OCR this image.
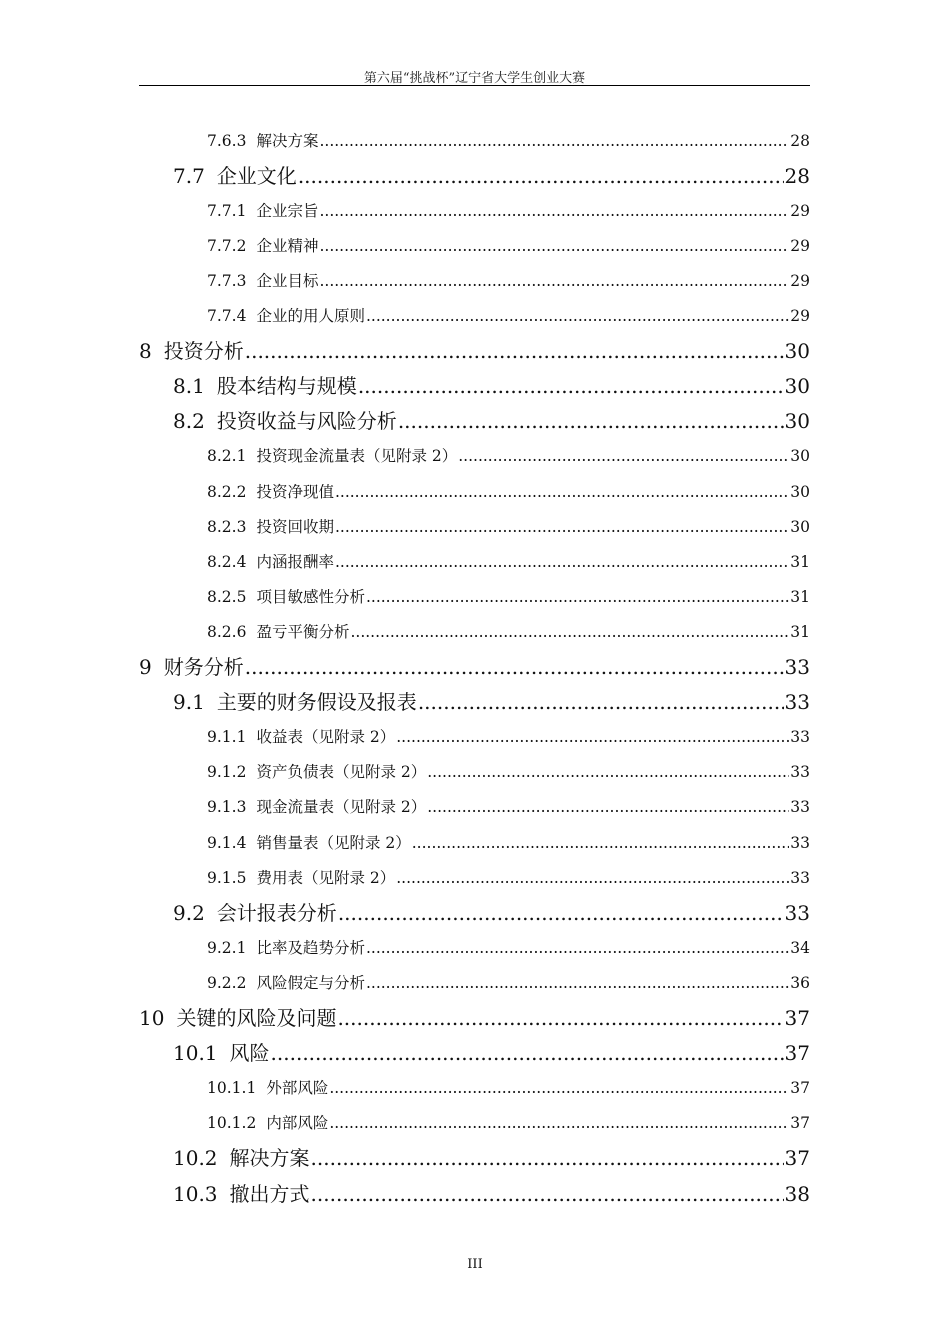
第六届“挑战杯”辽宁省大学生创业大赛
7.6.3 解决方案 .....	28
7.7 企业文化 .....	28
7.7.1 企业宗旨 .....	29
7.7.2 企业精神 .....	29
7.7.3 企业目标 .....	29
7.7.4 企业的用人原则 .....	29
8 投资分析 .....	30
8.1 股本结构与规模 .....	30
8.2 投资收益与风险分析 .....	30
8.2.1 投资现金流量表（见附录 2） .....	30
8.2.2 投资净现值 .....	30
8.2.3 投资回收期 .....	30
8.2.4 内涵报酬率 .....	31
8.2.5 项目敏感性分析 .....	31
8.2.6 盈亏平衡分析 .....	31
9 财务分析 .....	33
9.1 主要的财务假设及报表 .....	33
9.1.1 收益表（见附录 2） .....	33
9.1.2 资产负债表（见附录 2） .....	33
9.1.3 现金流量表（见附录 2） .....	33
9.1.4 销售量表（见附录 2） .....	33
9.1.5 费用表（见附录 2） .....	33
9.2 会计报表分析 .....	33
9.2.1 比率及趋势分析 .....	34
9.2.2 风险假定与分析 .....	36
10 关键的风险及问题 .....	37
10.1 风险 .....	37
10.1.1 外部风险 .....	37
10.1.2 内部风险 .....	37
10.2 解决方案 .....	37
10.3 撤出方式 .....	38
III
